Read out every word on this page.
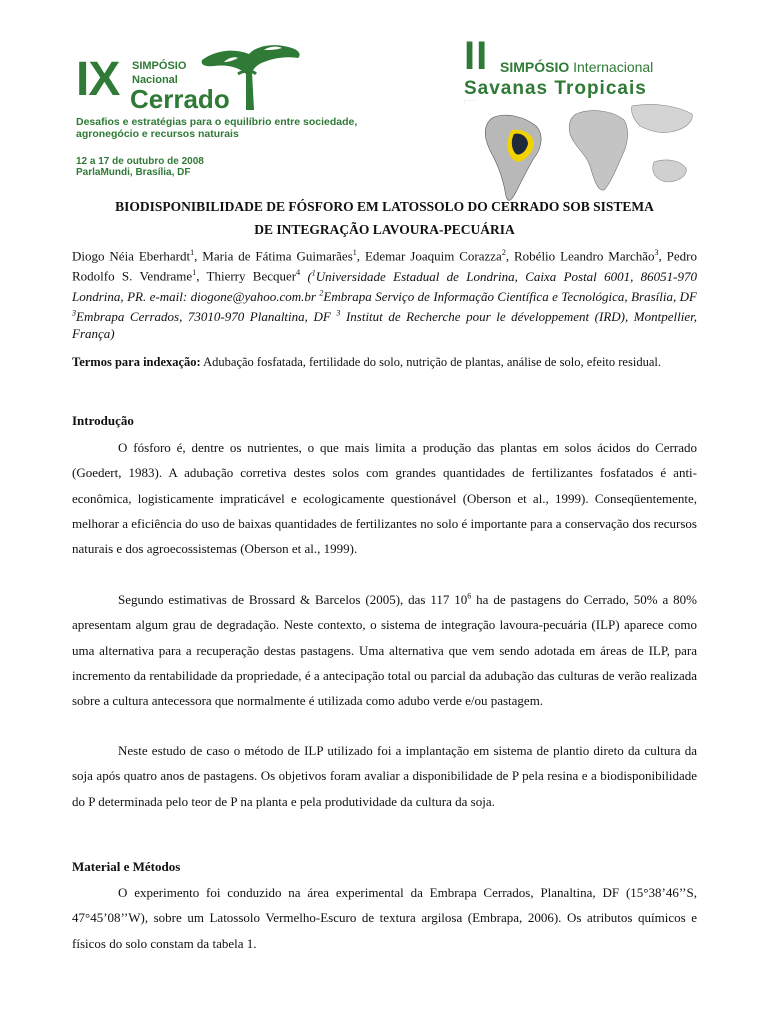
IX SIMPÓSIO
Nacional
Cerrado
Desafios e estratégias para o equilíbrio entre sociedade, agronegócio e recursos naturais
12 a 17 de outubro de 2008
ParlaMundi, Brasília, DF
II SIMPÓSIO Internacional
Savanas Tropicais
BIODISPONIBILIDADE DE FÓSFORO EM LATOSSOLO DO CERRADO SOB SISTEMA
DE INTEGRAÇÃO LAVOURA-PECUÁRIA
Diogo Néia Eberhardt$^1$, Maria de Fátima Guimarães$^1$, Edemar Joaquim Corazza$^2$, Robélio Leandro Marchão$^3$, Pedro Rodolfo S. Vendrame$^1$, Thierry Becquer$^4$ ($^1$Universidade Estadual de Londrina, Caixa Postal 6001, 86051-970 Londrina, PR. e-mail: diogone@yahoo.com.br $^2$Embrapa Serviço de Informação Científica e Tecnológica, Brasília, DF $^3$Embrapa Cerrados, 73010-970 Planaltina, DF $^3$ Institut de Recherche pour le développement (IRD), Montpellier, França)
Termos para indexação: Adubação fosfatada, fertilidade do solo, nutrição de plantas, análise de solo, efeito residual.
Introdução

O fósforo é, dentre os nutrientes, o que mais limita a produção das plantas em solos ácidos do Cerrado (Goedert, 1983). A adubação corretiva destes solos com grandes quantidades de fertilizantes fosfatados é anti-econômica, logisticamente impraticável e ecologicamente questionável (Oberson et al., 1999). Conseqüentemente, melhorar a eficiência do uso de baixas quantidades de fertilizantes no solo é importante para a conservação dos recursos naturais e dos agroecossistemas (Oberson et al., 1999).

Segundo estimativas de Brossard & Barcelos (2005), das 117 $10^6$ ha de pastagens do Cerrado, 50% a 80% apresentam algum grau de degradação. Neste contexto, o sistema de integração lavoura-pecuária (ILP) aparece como uma alternativa para a recuperação destas pastagens. Uma alternativa que vem sendo adotada em áreas de ILP, para incremento da rentabilidade da propriedade, é a antecipação total ou parcial da adubação das culturas de verão realizada sobre a cultura antecessora que normalmente é utilizada como adubo verde e/ou pastagem.

Neste estudo de caso o método de ILP utilizado foi a implantação em sistema de plantio direto da cultura da soja após quatro anos de pastagens. Os objetivos foram avaliar a disponibilidade de P pela resina e a biodisponibilidade do P determinada pelo teor de P na planta e pela produtividade da cultura da soja.

Material e Métodos

O experimento foi conduzido na área experimental da Embrapa Cerrados, Planaltina, DF (15°38’46’’S, 47°45’08’’W), sobre um Latossolo Vermelho-Escuro de textura argilosa (Embrapa, 2006). Os atributos químicos e físicos do solo constam da tabela 1.
